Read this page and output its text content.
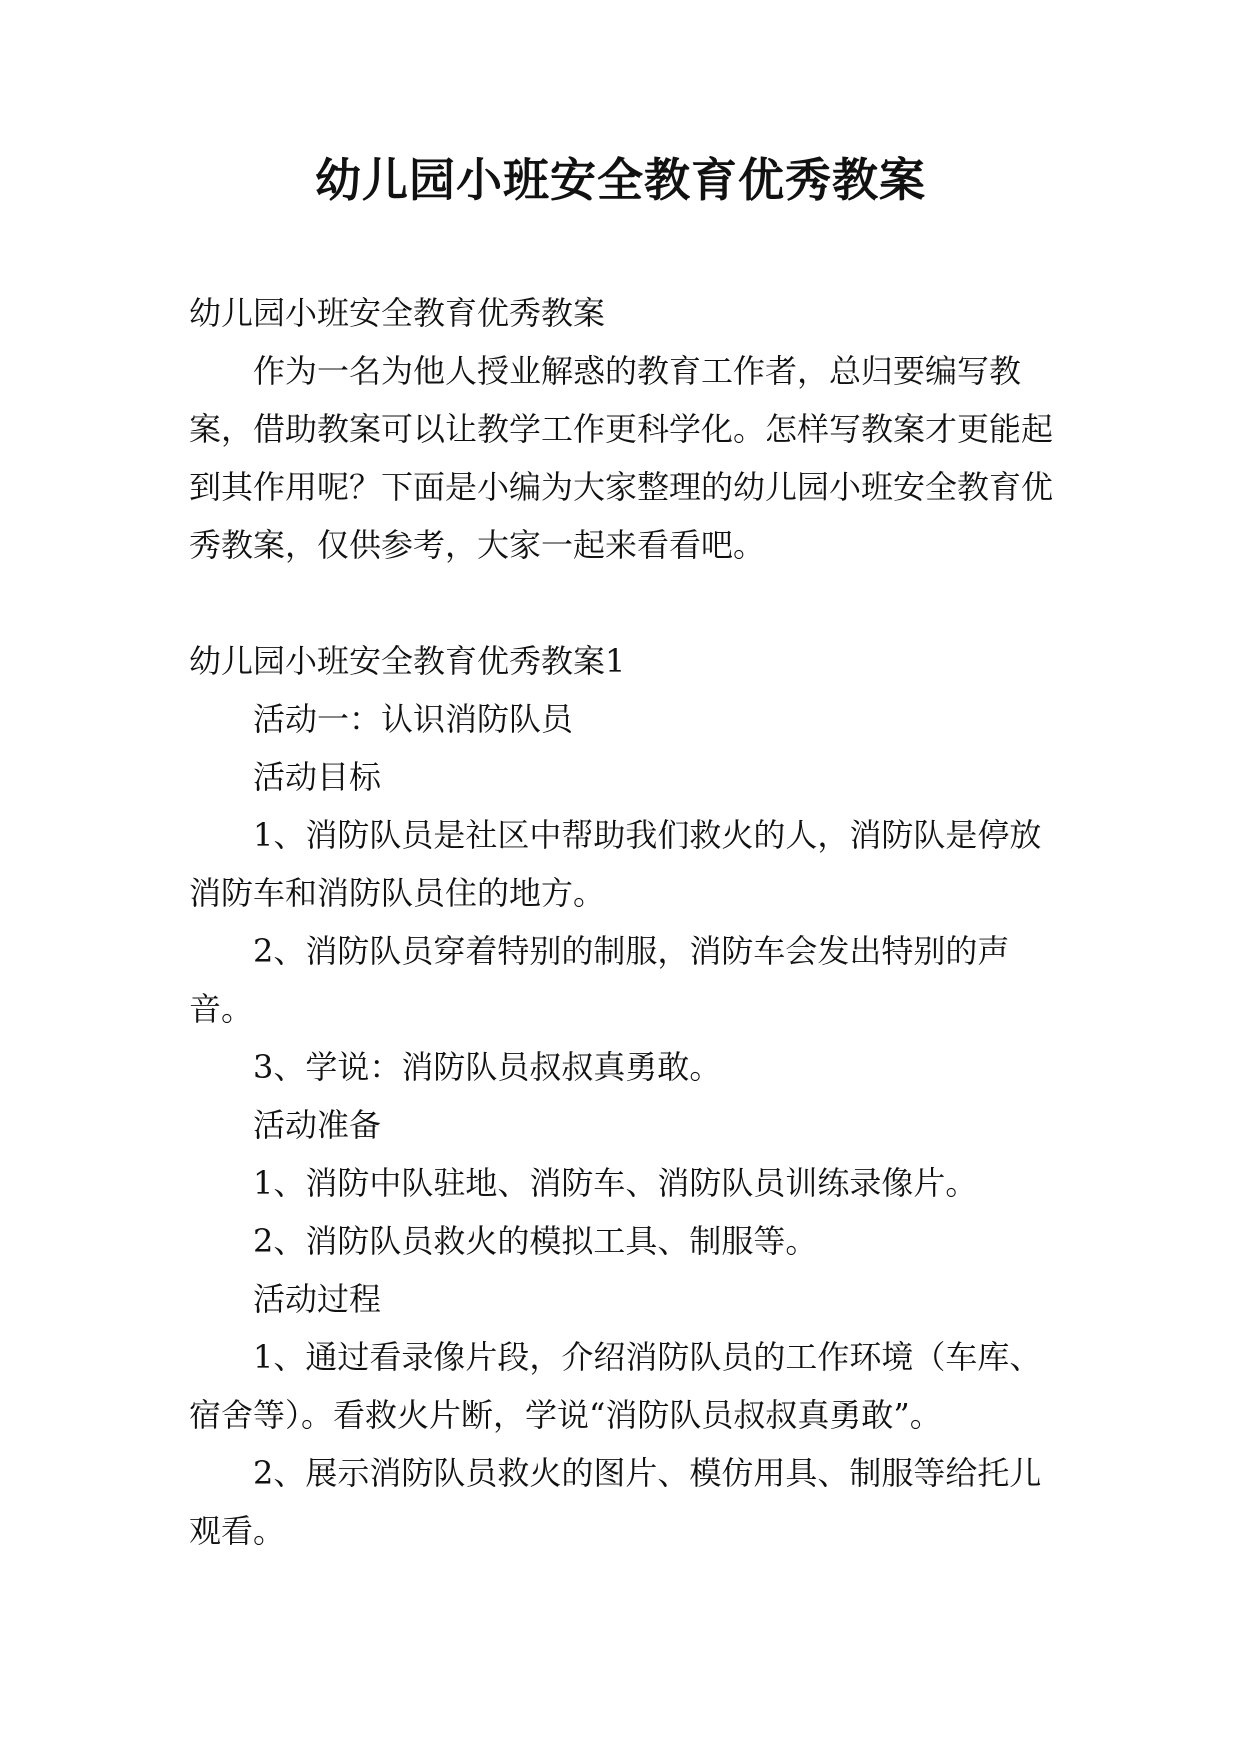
幼儿园小班安全教育优秀教案

幼儿园小班安全教育优秀教案

作为一名为他人授业解惑的教育工作者，总归要编写教案，借助教案可以让教学工作更科学化。怎样写教案才更能起到其作用呢？下面是小编为大家整理的幼儿园小班安全教育优秀教案，仅供参考，大家一起来看看吧。

幼儿园小班安全教育优秀教案1

活动一：认识消防队员

活动目标

1、消防队员是社区中帮助我们救火的人，消防队是停放消防车和消防队员住的地方。

2、消防队员穿着特别的制服，消防车会发出特别的声音。

3、学说：消防队员叔叔真勇敢。

活动准备

1、消防中队驻地、消防车、消防队员训练录像片。

2、消防队员救火的模拟工具、制服等。

活动过程

1、通过看录像片段，介绍消防队员的工作环境（车库、宿舍等）。看救火片断，学说“消防队员叔叔真勇敢”。

2、展示消防队员救火的图片、模仿用具、制服等给托儿观看。
